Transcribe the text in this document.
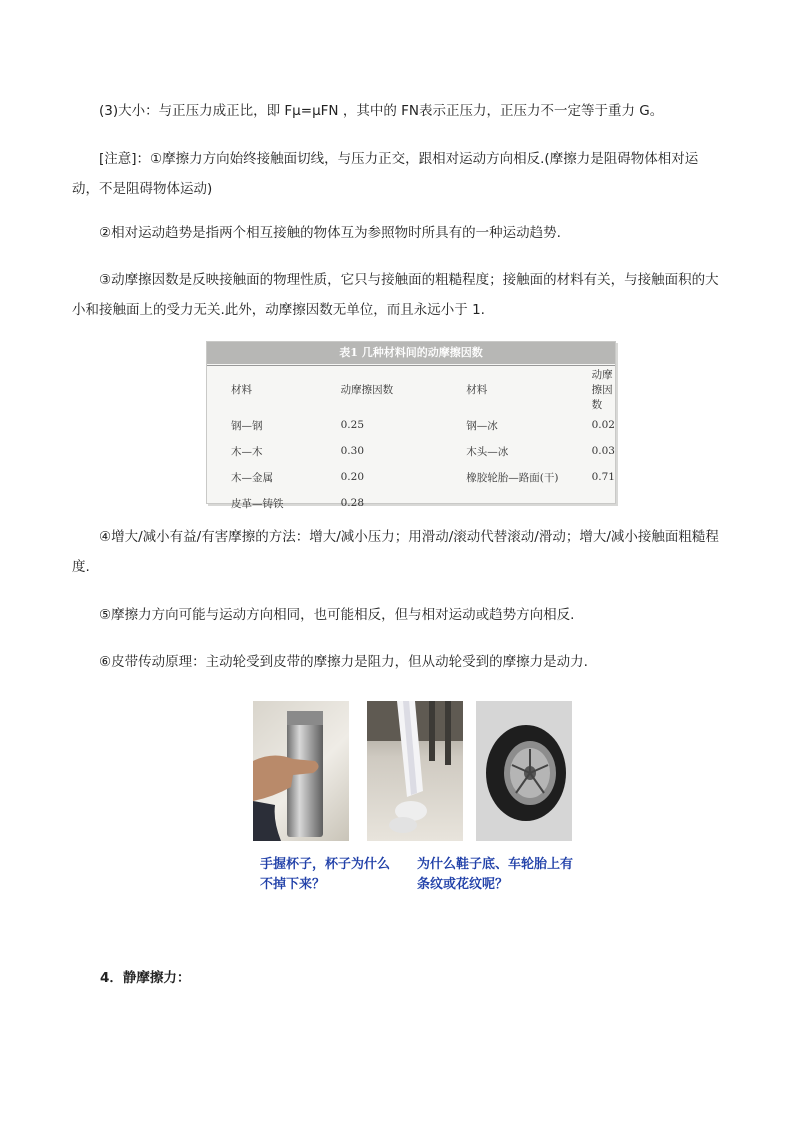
(3)大小：与正压力成正比，即 Fμ=μFN ，其中的 FN表示正压力，正压力不一定等于重力 G。
[注意]：①摩擦力方向始终接触面切线，与压力正交，跟相对运动方向相反.(摩擦力是阻碍物体相对运动，不是阻碍物体运动)
②相对运动趋势是指两个相互接触的物体互为参照物时所具有的一种运动趋势.
③动摩擦因数是反映接触面的物理性质，它只与接触面的粗糙程度；接触面的材料有关，与接触面积的大小和接触面上的受力无关.此外，动摩擦因数无单位，而且永远小于 1.
表1 几种材料间的动摩擦因数
材料	动摩擦因数	材料	动摩擦因数
钢—钢	0.25	钢—冰	0.02
木—木	0.30	木头—冰	0.03
木—金属	0.20	橡胶轮胎—路面(干)	0.71
皮革—铸铁	0.28		
④增大/减小有益/有害摩擦的方法：增大/减小压力；用滑动/滚动代替滚动/滑动；增大/减小接触面粗糙程度.
⑤摩擦力方向可能与运动方向相同，也可能相反，但与相对运动或趋势方向相反.
⑥皮带传动原理：主动轮受到皮带的摩擦力是阻力，但从动轮受到的摩擦力是动力.
手握杯子，杯子为什么不掉下来？
为什么鞋子底、车轮胎上有条纹或花纹呢？
4．静摩擦力：
